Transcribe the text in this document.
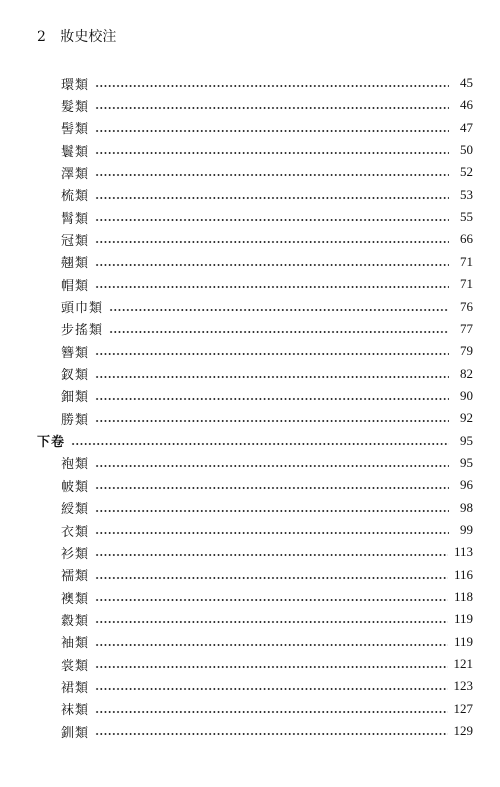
2 妝史校注
環類	45
髮類	46
髻類	47
鬟類	50
澤類	52
梳類	53
髾類	55
冠類	66
翹類	71
帽類	71
頭巾類	76
步搖類	77
簪類	79
釵類	82
鈿類	90
勝類	92
下卷	95
袍類	95
帔類	96
綬類	98
衣類	99
衫類	113
襦類	116
襖類	118
縠類	119
袖類	119
裳類	121
裙類	123
袜類	127
釧類	129
